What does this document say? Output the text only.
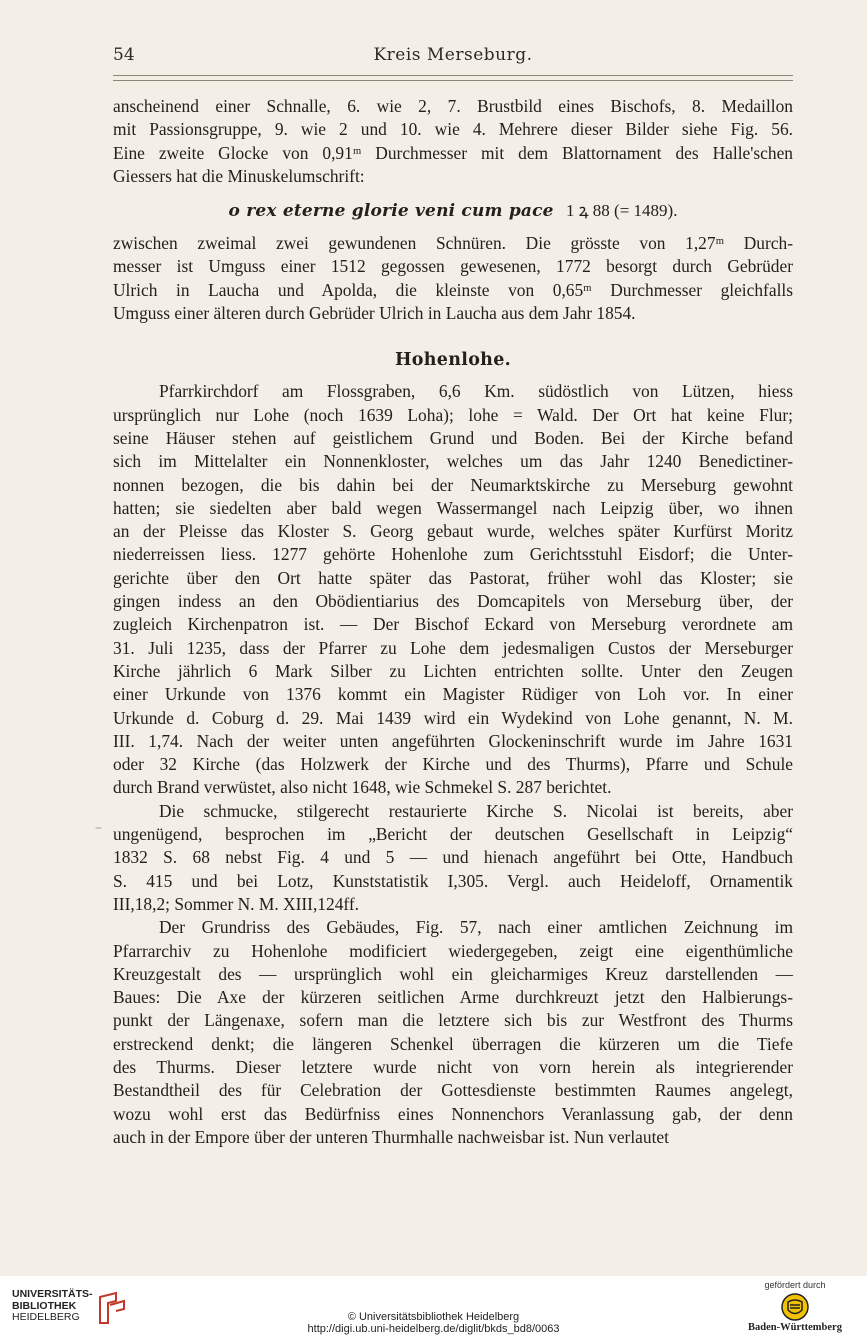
54	Kreis Merseburg.
anscheinend einer Schnalle, 6. wie 2, 7. Brustbild eines Bischofs, 8. Medaillon
mit Passionsgruppe, 9. wie 2 und 10. wie 4. Mehrere dieser Bilder siehe Fig. 56.
Eine zweite Glocke von 0,91ᵐ Durchmesser mit dem Blattornament des Halle'schen
Giessers hat die Minuskelumschrift:
o rex eterne glorie veni cum pace 1 ꝝ 88 (= 1489).
zwischen zweimal zwei gewundenen Schnüren. Die grösste von 1,27ᵐ Durch-
messer ist Umguss einer 1512 gegossen gewesenen, 1772 besorgt durch Gebrüder
Ulrich in Laucha und Apolda, die kleinste von 0,65ᵐ Durchmesser gleichfalls
Umguss einer älteren durch Gebrüder Ulrich in Laucha aus dem Jahr 1854.
Hohenlohe.
Pfarrkirchdorf am Flossgraben, 6,6 Km. südöstlich von Lützen, hiess
ursprünglich nur Lohe (noch 1639 Loha); lohe = Wald. Der Ort hat keine Flur;
seine Häuser stehen auf geistlichem Grund und Boden. Bei der Kirche befand
sich im Mittelalter ein Nonnenkloster, welches um das Jahr 1240 Benedictiner-
nonnen bezogen, die bis dahin bei der Neumarktskirche zu Merseburg gewohnt
hatten; sie siedelten aber bald wegen Wassermangel nach Leipzig über, wo ihnen
an der Pleisse das Kloster S. Georg gebaut wurde, welches später Kurfürst Moritz
niederreissen liess. 1277 gehörte Hohenlohe zum Gerichtsstuhl Eisdorf; die Unter-
gerichte über den Ort hatte später das Pastorat, früher wohl das Kloster; sie
gingen indess an den Obödientiarius des Domcapitels von Merseburg über, der
zugleich Kirchenpatron ist. — Der Bischof Eckard von Merseburg verordnete am
31. Juli 1235, dass der Pfarrer zu Lohe dem jedesmaligen Custos der Merseburger
Kirche jährlich 6 Mark Silber zu Lichten entrichten sollte. Unter den Zeugen
einer Urkunde von 1376 kommt ein Magister Rüdiger von Loh vor. In einer
Urkunde d. Coburg d. 29. Mai 1439 wird ein Wydekind von Lohe genannt, N. M.
III. 1,74. Nach der weiter unten angeführten Glockeninschrift wurde im Jahre 1631
oder 32 Kirche (das Holzwerk der Kirche und des Thurms), Pfarre und Schule
durch Brand verwüstet, also nicht 1648, wie Schmekel S. 287 berichtet.
Die schmucke, stilgerecht restaurierte Kirche S. Nicolai ist bereits, aber
ungenügend, besprochen im „Bericht der deutschen Gesellschaft in Leipzig“
1832 S. 68 nebst Fig. 4 und 5 — und hienach angeführt bei Otte, Handbuch
S. 415 und bei Lotz, Kunststatistik I,305. Vergl. auch Heideloff, Ornamentik
III,18,2; Sommer N. M. XIII,124ff.
Der Grundriss des Gebäudes, Fig. 57, nach einer amtlichen Zeichnung im
Pfarrarchiv zu Hohenlohe modificiert wiedergegeben, zeigt eine eigenthümliche
Kreuzgestalt des — ursprünglich wohl ein gleicharmiges Kreuz darstellenden —
Baues: Die Axe der kürzeren seitlichen Arme durchkreuzt jetzt den Halbierungs-
punkt der Längenaxe, sofern man die letztere sich bis zur Westfront des Thurms
erstreckend denkt; die längeren Schenkel überragen die kürzeren um die Tiefe
des Thurms. Dieser letztere wurde nicht von vorn herein als integrierender
Bestandtheil des für Celebration der Gottesdienste bestimmten Raumes angelegt,
wozu wohl erst das Bedürfniss eines Nonnenchors Veranlassung gab, der denn
auch in der Empore über der unteren Thurmhalle nachweisbar ist. Nun verlautet
–
UNIVERSITÄTS-
BIBLIOTHEK
HEIDELBERG	© Universitätsbibliothek Heidelberg
http://digi.ub.uni-heidelberg.de/diglit/bkds_bd8/0063
gefördert durch
Baden-Württemberg
